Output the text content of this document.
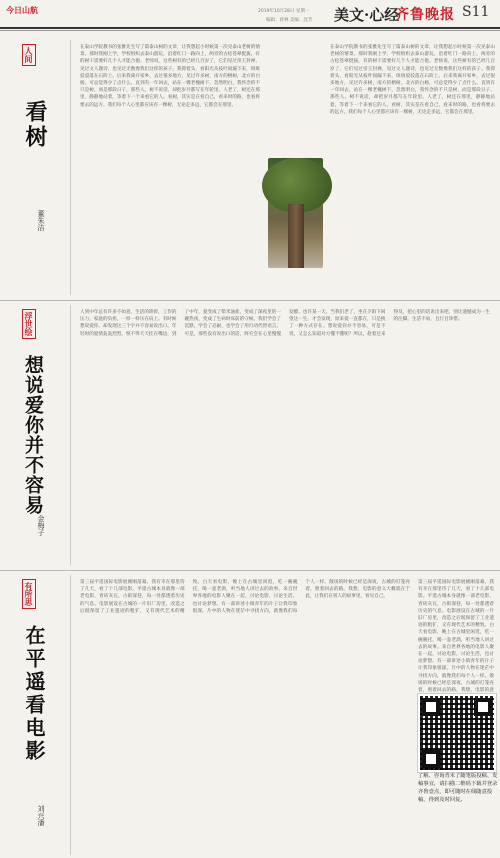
今日山航	2019年10月28日 星期一
编辑：蒋林 美编：沈芳 美文·心经
齐鲁晚报 S11
人间
看树
董朱洁
在泰山学院教书的张雅先生写了篇泰山树的文章，让我想起小时候第一次见泰山老树的情景。那时我刚上学，学校组织去泰山游玩，沿着红门一路向上，两旁的古松苍翠挺拔，有的树干需要好几个人才能合抱。老师说，这些树有的已经几百岁了，它们见过帝王封禅，见过文人题诗，也见过无数像我们这样的孩子。我仰着头，看阳光从枝叶间漏下来，斑斑驳驳落在石阶上。后来我离开家乡，去过很多地方，见过许多树，南方的榕树，北方的白杨，可总觉得少了点什么。直到有一年回去，站在一棵老槐树下，忽然明白，我怀念的不只是树，而是那段日子，那些人。树不说话，却把岁月都写在年轮里。人老了，树还在那里，静静地站着，等着下一个来看它的人。看树，其实是在看自己，看来时的路，也看将要去的远方。我们每个人心里都应该有一棵树，无论走多远，它都会在那里。
在泰山学院教书的张雅先生写了篇泰山树的文章，让我想起小时候第一次见泰山老树的情景。那时我刚上学，学校组织去泰山游玩，沿着红门一路向上，两旁的古松苍翠挺拔，有的树干需要好几个人才能合抱。老师说，这些树有的已经几百岁了，它们见过帝王封禅，见过文人题诗，也见过无数像我们这样的孩子。我仰着头，看阳光从枝叶间漏下来，斑斑驳驳落在石阶上。后来我离开家乡，去过很多地方，见过许多树，南方的榕树，北方的白杨，可总觉得少了点什么。直到有一年回去，站在一棵老槐树下，忽然明白，我怀念的不只是树，而是那段日子，那些人。树不说话，却把岁月都写在年轮里。人老了，树还在那里，静静地站着，等着下一个来看它的人。看树，其实是在看自己，看来时的路，也看将要去的远方。我们每个人心里都应该有一棵树，无论走多远，它都会在那里。
浮世绘
想说爱你并不容易
金梅子
人到中年总有许多不如意，生活的琐碎，工作的压力，家庭的负担，一样一样压在肩上。有时候想说爱你，却发现这三个字并不容易说出口。年轻时的爱情轰轰烈烈，恨不得天天挂在嘴边，到了中年，爱变成了柴米油盐，变成了深夜里的一碗热汤，变成了生病时床前的守候。我们学会了沉默，学会了忍耐，也学会了用行动代替语言。可是，那些没有说出口的话，终究会在心里慢慢发酵。也许某一天，当我们老了，坐在夕阳下回望这一生，才会发现，原来爱一直都在，只是换了一种方式存在。想说爱你并不容易，可是不说，又怎么知道对方懂不懂呢？所以，趁着还来得及，把心里的话说出来吧，别让遗憾成为一生的注脚。生活不易，且行且珍惜。
有所思
在平遥看电影
刘兴潘
第三届平遥国际电影展刚刚落幕，我有幸在那里待了几天，看了十几部电影。平遥古城本身就像一部老电影，青砖灰瓦，古街深巷，每一处都透着历史的气息。电影展设在古城的一片旧厂房里，改造之后既保留了工业遗迹的粗犷，又有现代艺术的精致。白天看电影，晚上在古城里闲逛，吃一碗碗托，喝一壶老酒，听当地人讲过去的故事。来自世界各地的电影人聚在一起，讨论电影，讨论生活，也讨论梦想。有一部讲述小镇青年的片子让我印象很深，片中的人物在迷茫中寻找方向，就像我们每个人一样。散场的时候已经是深夜，古城的灯笼亮着，照着回去的路。我想，电影的意义大概就在于此，让我们在别人的故事里，看见自己。
第三届平遥国际电影展刚刚落幕，我有幸在那里待了几天，看了十几部电影。平遥古城本身就像一部老电影，青砖灰瓦，古街深巷，每一处都透着历史的气息。电影展设在古城的一片旧厂房里，改造之后既保留了工业遗迹的粗犷，又有现代艺术的精致。白天看电影，晚上在古城里闲逛，吃一碗碗托，喝一壶老酒，听当地人讲过去的故事。来自世界各地的电影人聚在一起，讨论电影，讨论生活，也讨论梦想。有一部讲述小镇青年的片子让我印象很深，片中的人物在迷茫中寻找方向，就像我们每个人一样。散场的时候已经是深夜，古城的灯笼亮着，照着回去的路。我想，电影的意
了解、咨询青未了随笔版投稿、发稿事宜，请扫描二维码下载并登录齐鲁壹点，即可随时在线随意投稿，得到及时回复。
